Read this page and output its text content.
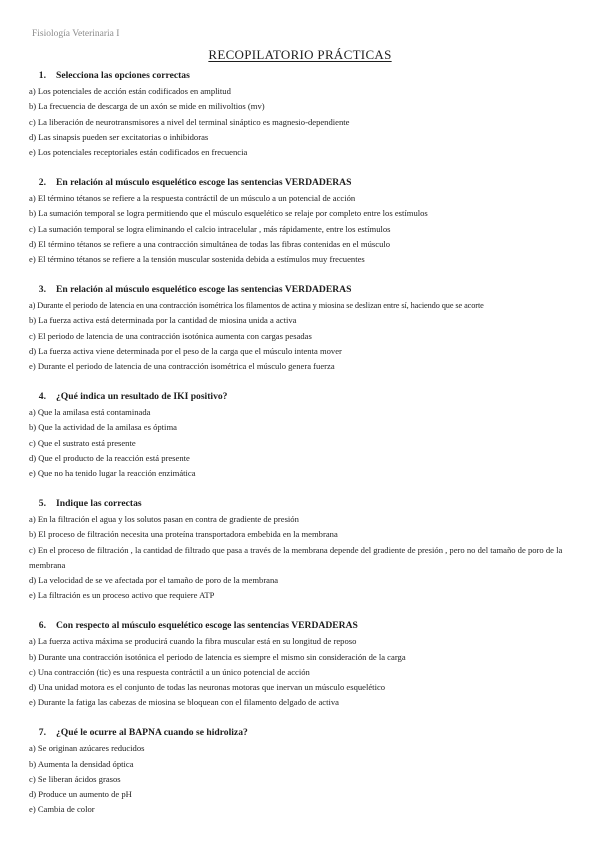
Fisiología Veterinaria I
RECOPILATORIO PRÁCTICAS
1. Selecciona las opciones correctas
a) Los potenciales de acción están codificados en amplitud
b) La frecuencia de descarga de un axón se mide en milivoltios (mv)
c) La liberación de neurotransmisores a nivel del terminal sináptico es magnesio-dependiente
d) Las sinapsis pueden ser excitatorias o inhibidoras
e) Los potenciales receptoriales están codificados en frecuencia
2. En relación al músculo esquelético escoge las sentencias VERDADERAS
a) El término tétanos se refiere a la respuesta contráctil de un músculo a un potencial de acción
b) La sumación temporal se logra permitiendo que el músculo esquelético se relaje por completo entre los estímulos
c) La sumación temporal se logra eliminando el calcio intracelular , más rápidamente, entre los estímulos
d) El término tétanos se refiere a una contracción simultánea de todas las fibras contenidas en el músculo
e) El término tétanos se refiere a la tensión muscular sostenida debida a estímulos muy frecuentes
3. En relación al músculo esquelético escoge las sentencias VERDADERAS
a) Durante el periodo de latencia en una contracción isométrica los filamentos de actina y miosina se deslizan entre sí, haciendo que se acorte
b) La fuerza activa está determinada por la cantidad de miosina unida a activa
c) El periodo de latencia de una contracción isotónica aumenta con cargas pesadas
d) La fuerza activa viene determinada por el peso de la carga que el músculo intenta mover
e) Durante el periodo de latencia de una contracción isométrica el músculo genera fuerza
4. ¿Qué indica un resultado de IKI positivo?
a) Que la amilasa está contaminada
b) Que la actividad de la amilasa es óptima
c) Que el sustrato está presente
d) Que el producto de la reacción está presente
e) Que no ha tenido lugar la reacción enzimática
5. Indique las correctas
a) En la filtración el agua y los solutos pasan en contra de gradiente de presión
b) El proceso de filtración necesita una proteína transportadora embebida en la membrana
c) En el proceso de filtración , la cantidad de filtrado que pasa a través de la membrana depende del gradiente de presión , pero no del tamaño de poro de la membrana
d) La velocidad de se ve afectada por el tamaño de poro de la membrana
e) La filtración es un proceso activo que requiere ATP
6. Con respecto al músculo esquelético escoge las sentencias VERDADERAS
a) La fuerza activa máxima se producirá cuando la fibra muscular está en su longitud de reposo
b) Durante una contracción isotónica el periodo de latencia es siempre el mismo sin consideración de la carga
c) Una contracción (tic) es una respuesta contráctil a un único potencial de acción
d) Una unidad motora es el conjunto de todas las neuronas motoras que inervan un músculo esquelético
e) Durante la fatiga las cabezas de miosina se bloquean con el filamento delgado de activa
7. ¿Qué le ocurre al BAPNA cuando se hidroliza?
a) Se originan azúcares reducidos
b) Aumenta la densidad óptica
c) Se liberan ácidos grasos
d) Produce un aumento de pH
e) Cambia de color
